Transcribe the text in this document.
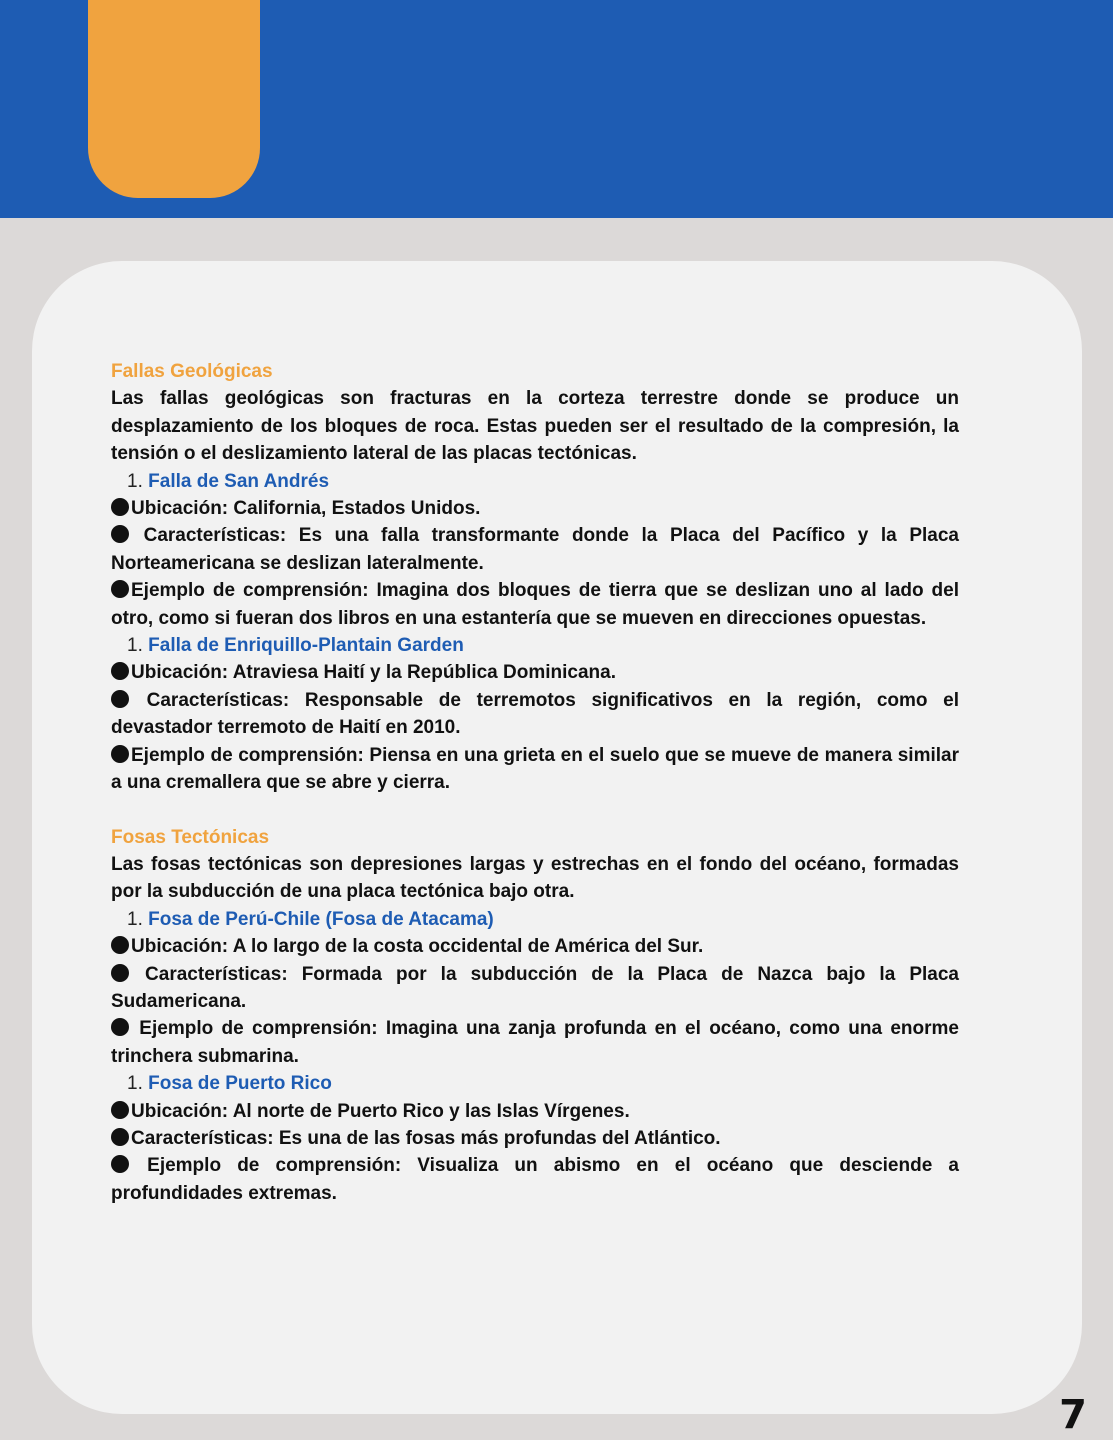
Fallas Geológicas

Las fallas geológicas son fracturas en la corteza terrestre donde se produce un desplazamiento de los bloques de roca. Estas pueden ser el resultado de la compresión, la tensión o el deslizamiento lateral de las placas tectónicas.

1. Falla de San Andrés

Ubicación: California, Estados Unidos.

Características: Es una falla transformante donde la Placa del Pacífico y la Placa Norteamericana se deslizan lateralmente.

Ejemplo de comprensión: Imagina dos bloques de tierra que se deslizan uno al lado del otro, como si fueran dos libros en una estantería que se mueven en direcciones opuestas.

1. Falla de Enriquillo-Plantain Garden

Ubicación: Atraviesa Haití y la República Dominicana.

Características: Responsable de terremotos significativos en la región, como el devastador terremoto de Haití en 2010.

Ejemplo de comprensión: Piensa en una grieta en el suelo que se mueve de manera similar a una cremallera que se abre y cierra.

Fosas Tectónicas

Las fosas tectónicas son depresiones largas y estrechas en el fondo del océano, formadas por la subducción de una placa tectónica bajo otra.

1. Fosa de Perú-Chile (Fosa de Atacama)

Ubicación: A lo largo de la costa occidental de América del Sur.

Características: Formada por la subducción de la Placa de Nazca bajo la Placa Sudamericana.

Ejemplo de comprensión: Imagina una zanja profunda en el océano, como una enorme trinchera submarina.

1. Fosa de Puerto Rico

Ubicación: Al norte de Puerto Rico y las Islas Vírgenes.

Características: Es una de las fosas más profundas del Atlántico.

Ejemplo de comprensión: Visualiza un abismo en el océano que desciende a profundidades extremas.

7
